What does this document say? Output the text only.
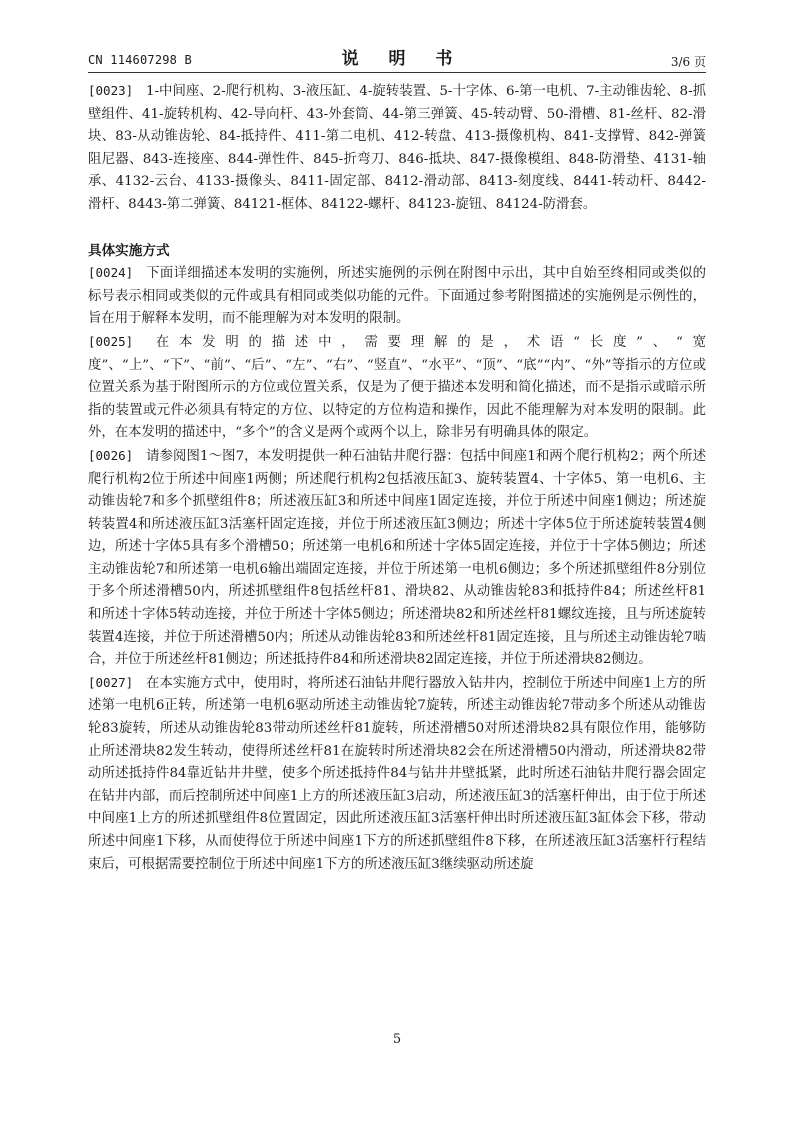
CN 114607298 B	说 明 书	3/6 页

[0023] 1-中间座、2-爬行机构、3-液压缸、4-旋转装置、5-十字体、6-第一电机、7-主动锥齿轮、8-抓壁组件、41-旋转机构、42-导向杆、43-外套筒、44-第三弹簧、45-转动臂、50-滑槽、81-丝杆、82-滑块、83-从动锥齿轮、84-抵持件、411-第二电机、412-转盘、413-摄像机构、841-支撑臂、842-弹簧阻尼器、843-连接座、844-弹性件、845-折弯刀、846-抵块、847-摄像模组、848-防滑垫、4131-轴承、4132-云台、4133-摄像头、8411-固定部、8412-滑动部、8413-刻度线、8441-转动杆、8442-滑杆、8443-第二弹簧、84121-框体、84122-螺杆、84123-旋钮、84124-防滑套。

具体实施方式

[0024] 下面详细描述本发明的实施例，所述实施例的示例在附图中示出，其中自始至终相同或类似的标号表示相同或类似的元件或具有相同或类似功能的元件。下面通过参考附图描述的实施例是示例性的，旨在用于解释本发明，而不能理解为对本发明的限制。

[0025] 在本发明的描述中，需要理解的是，术语“长度”、“宽度”、“上”、“下”、“前”、“后”、“左”、“右”、“竖直”、“水平”、“顶”、“底”“内”、“外”等指示的方位或位置关系为基于附图所示的方位或位置关系，仅是为了便于描述本发明和简化描述，而不是指示或暗示所指的装置或元件必须具有特定的方位、以特定的方位构造和操作，因此不能理解为对本发明的限制。此外，在本发明的描述中，“多个”的含义是两个或两个以上，除非另有明确具体的限定。

[0026] 请参阅图1～图7，本发明提供一种石油钻井爬行器：包括中间座1和两个爬行机构2；两个所述爬行机构2位于所述中间座1两侧；所述爬行机构2包括液压缸3、旋转装置4、十字体5、第一电机6、主动锥齿轮7和多个抓壁组件8；所述液压缸3和所述中间座1固定连接，并位于所述中间座1侧边；所述旋转装置4和所述液压缸3活塞杆固定连接，并位于所述液压缸3侧边；所述十字体5位于所述旋转装置4侧边，所述十字体5具有多个滑槽50；所述第一电机6和所述十字体5固定连接，并位于十字体5侧边；所述主动锥齿轮7和所述第一电机6输出端固定连接，并位于所述第一电机6侧边；多个所述抓壁组件8分别位于多个所述滑槽50内，所述抓壁组件8包括丝杆81、滑块82、从动锥齿轮83和抵持件84；所述丝杆81和所述十字体5转动连接，并位于所述十字体5侧边；所述滑块82和所述丝杆81螺纹连接，且与所述旋转装置4连接，并位于所述滑槽50内；所述从动锥齿轮83和所述丝杆81固定连接，且与所述主动锥齿轮7啮合，并位于所述丝杆81侧边；所述抵持件84和所述滑块82固定连接，并位于所述滑块82侧边。

[0027] 在本实施方式中，使用时，将所述石油钻井爬行器放入钻井内，控制位于所述中间座1上方的所述第一电机6正转，所述第一电机6驱动所述主动锥齿轮7旋转，所述主动锥齿轮7带动多个所述从动锥齿轮83旋转，所述从动锥齿轮83带动所述丝杆81旋转，所述滑槽50对所述滑块82具有限位作用，能够防止所述滑块82发生转动，使得所述丝杆81在旋转时所述滑块82会在所述滑槽50内滑动，所述滑块82带动所述抵持件84靠近钻井井壁，使多个所述抵持件84与钻井井壁抵紧，此时所述石油钻井爬行器会固定在钻井内部，而后控制所述中间座1上方的所述液压缸3启动，所述液压缸3的活塞杆伸出，由于位于所述中间座1上方的所述抓壁组件8位置固定，因此所述液压缸3活塞杆伸出时所述液压缸3缸体会下移，带动所述中间座1下移，从而使得位于所述中间座1下方的所述抓壁组件8下移，在所述液压缸3活塞杆行程结束后，可根据需要控制位于所述中间座1下方的所述液压缸3继续驱动所述旋

5
